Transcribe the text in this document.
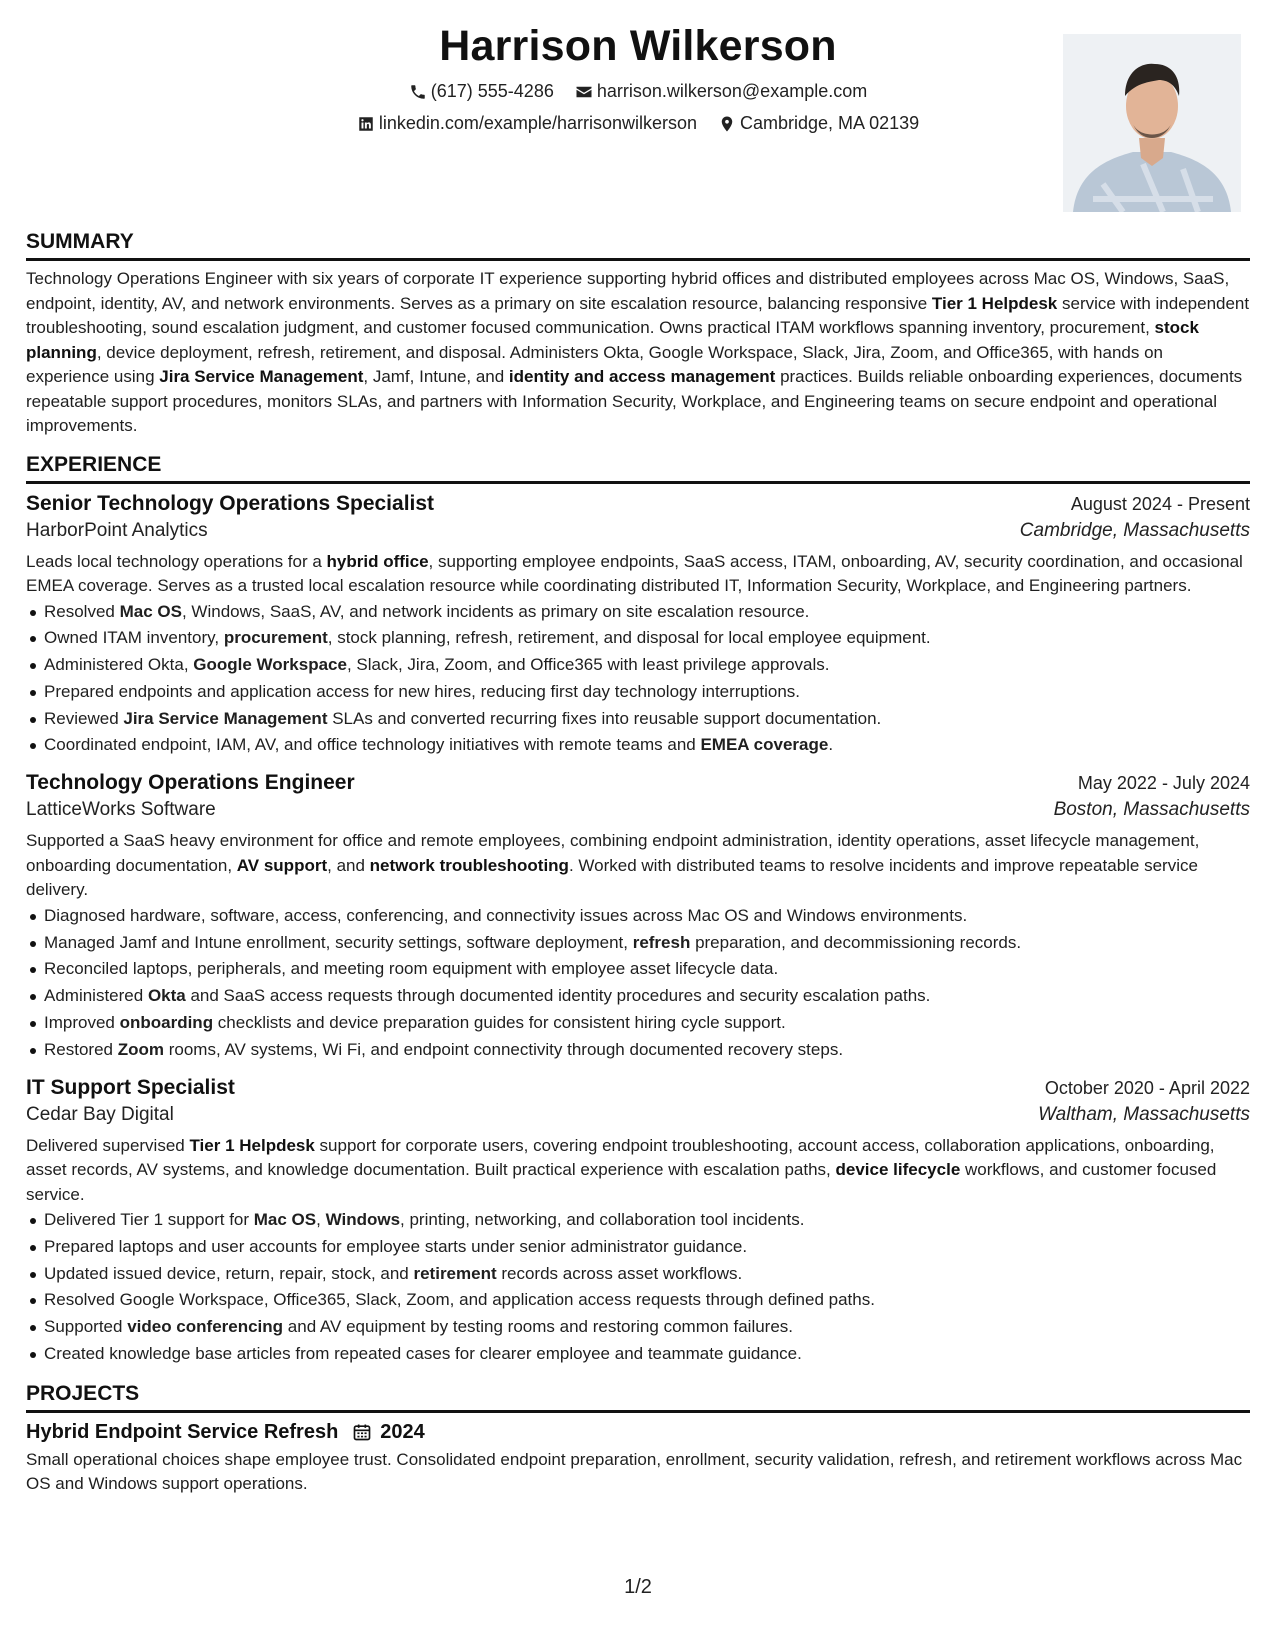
Harrison Wilkerson
(617) 555-4286
harrison.wilkerson@example.com
linkedin.com/example/harrisonwilkerson
Cambridge, MA 02139
SUMMARY

Technology Operations Engineer with six years of corporate IT experience supporting hybrid offices and distributed employees across Mac OS, Windows, SaaS, endpoint, identity, AV, and network environments. Serves as a primary on site escalation resource, balancing responsive Tier 1 Helpdesk service with independent troubleshooting, sound escalation judgment, and customer focused communication. Owns practical ITAM workflows spanning inventory, procurement, stock planning, device deployment, refresh, retirement, and disposal. Administers Okta, Google Workspace, Slack, Jira, Zoom, and Office365, with hands on experience using Jira Service Management, Jamf, Intune, and identity and access management practices. Builds reliable onboarding experiences, documents repeatable support procedures, monitors SLAs, and partners with Information Security, Workplace, and Engineering teams on secure endpoint and operational improvements.

EXPERIENCE
Senior Technology Operations Specialist	August 2024 - Present
HarborPoint Analytics	Cambridge, Massachusetts

Leads local technology operations for a hybrid office, supporting employee endpoints, SaaS access, ITAM, onboarding, AV, security coordination, and occasional EMEA coverage. Serves as a trusted local escalation resource while coordinating distributed IT, Information Security, Workplace, and Engineering partners.

Resolved Mac OS, Windows, SaaS, AV, and network incidents as primary on site escalation resource.
Owned ITAM inventory, procurement, stock planning, refresh, retirement, and disposal for local employee equipment.
Administered Okta, Google Workspace, Slack, Jira, Zoom, and Office365 with least privilege approvals.
Prepared endpoints and application access for new hires, reducing first day technology interruptions.
Reviewed Jira Service Management SLAs and converted recurring fixes into reusable support documentation.
Coordinated endpoint, IAM, AV, and office technology initiatives with remote teams and EMEA coverage.
Technology Operations Engineer	May 2022 - July 2024
LatticeWorks Software	Boston, Massachusetts

Supported a SaaS heavy environment for office and remote employees, combining endpoint administration, identity operations, asset lifecycle management, onboarding documentation, AV support, and network troubleshooting. Worked with distributed teams to resolve incidents and improve repeatable service delivery.

Diagnosed hardware, software, access, conferencing, and connectivity issues across Mac OS and Windows environments.
Managed Jamf and Intune enrollment, security settings, software deployment, refresh preparation, and decommissioning records.
Reconciled laptops, peripherals, and meeting room equipment with employee asset lifecycle data.
Administered Okta and SaaS access requests through documented identity procedures and security escalation paths.
Improved onboarding checklists and device preparation guides for consistent hiring cycle support.
Restored Zoom rooms, AV systems, Wi Fi, and endpoint connectivity through documented recovery steps.
IT Support Specialist	October 2020 - April 2022
Cedar Bay Digital	Waltham, Massachusetts

Delivered supervised Tier 1 Helpdesk support for corporate users, covering endpoint troubleshooting, account access, collaboration applications, onboarding, asset records, AV systems, and knowledge documentation. Built practical experience with escalation paths, device lifecycle workflows, and customer focused service.

Delivered Tier 1 support for Mac OS, Windows, printing, networking, and collaboration tool incidents.
Prepared laptops and user accounts for employee starts under senior administrator guidance.
Updated issued device, return, repair, stock, and retirement records across asset workflows.
Resolved Google Workspace, Office365, Slack, Zoom, and application access requests through defined paths.
Supported video conferencing and AV equipment by testing rooms and restoring common failures.
Created knowledge base articles from repeated cases for clearer employee and teammate guidance.
PROJECTS
Hybrid Endpoint Service Refresh 2024

Small operational choices shape employee trust. Consolidated endpoint preparation, enrollment, security validation, refresh, and retirement workflows across Mac OS and Windows support operations.

1/2
